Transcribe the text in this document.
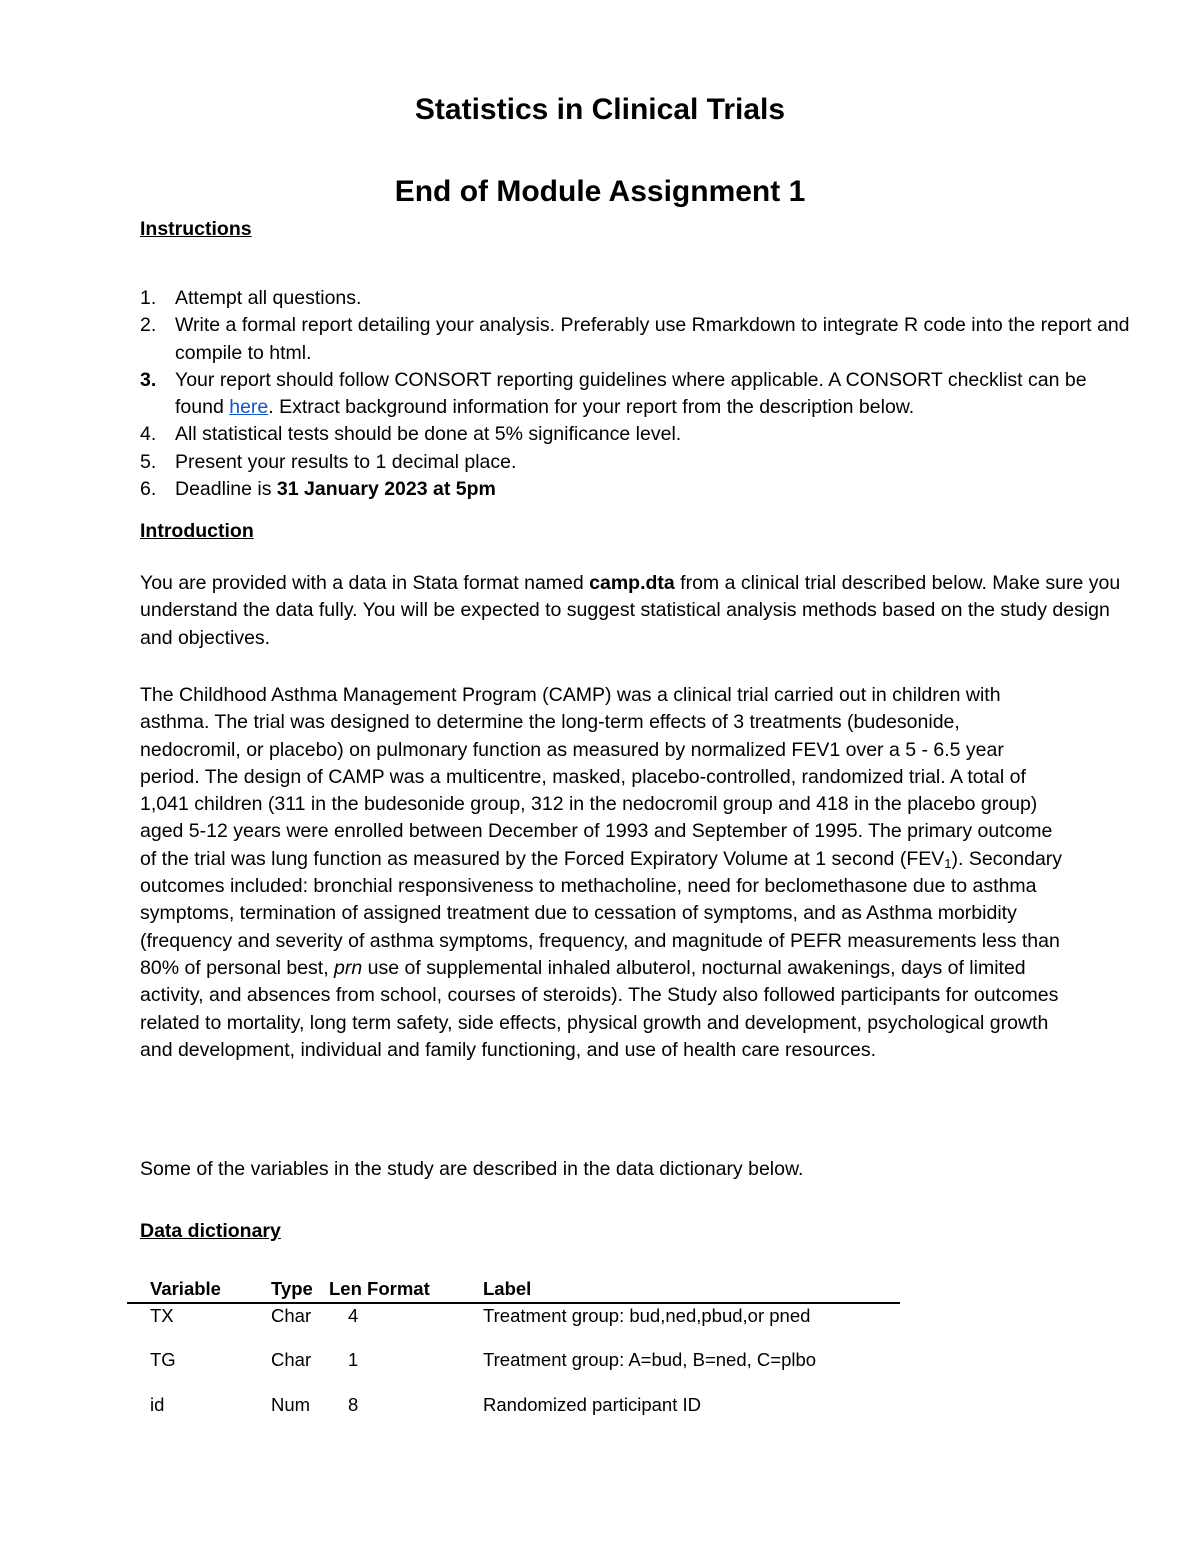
Statistics in Clinical Trials
End of Module Assignment 1
Instructions
1. Attempt all questions.
2. Write a formal report detailing your analysis. Preferably use Rmarkdown to integrate R code into the report and compile to html.
3. Your report should follow CONSORT reporting guidelines where applicable. A CONSORT checklist can be found here. Extract background information for your report from the description below.
4. All statistical tests should be done at 5% significance level.
5. Present your results to 1 decimal place.
6. Deadline is 31 January 2023 at 5pm
Introduction

You are provided with a data in Stata format named camp.dta from a clinical trial described below. Make sure you understand the data fully. You will be expected to suggest statistical analysis methods based on the study design and objectives.

The Childhood Asthma Management Program (CAMP) was a clinical trial carried out in children with asthma. The trial was designed to determine the long-term effects of 3 treatments (budesonide, nedocromil, or placebo) on pulmonary function as measured by normalized FEV1 over a 5 - 6.5 year period. The design of CAMP was a multicentre, masked, placebo-controlled, randomized trial. A total of 1,041 children (311 in the budesonide group, 312 in the nedocromil group and 418 in the placebo group) aged 5-12 years were enrolled between December of 1993 and September of 1995. The primary outcome of the trial was lung function as measured by the Forced Expiratory Volume at 1 second $(FEV_1)$. Secondary outcomes included: bronchial responsiveness to methacholine, need for beclomethasone due to asthma symptoms, termination of assigned treatment due to cessation of symptoms, and as Asthma morbidity (frequency and severity of asthma symptoms, frequency, and magnitude of PEFR measurements less than 80% of personal best, prn use of supplemental inhaled albuterol, nocturnal awakenings, days of limited activity, and absences from school, courses of steroids). The Study also followed participants for outcomes related to mortality, long term safety, side effects, physical growth and development, psychological growth and development, individual and family functioning, and use of health care resources.

Some of the variables in the study are described in the data dictionary below.

Data dictionary
Variable	Type	Len Format	Label
TX	Char	4	Treatment group: bud,ned,pbud,or pned
TG	Char	1	Treatment group: A=bud, B=ned, C=plbo
id	Num	8	Randomized participant ID
